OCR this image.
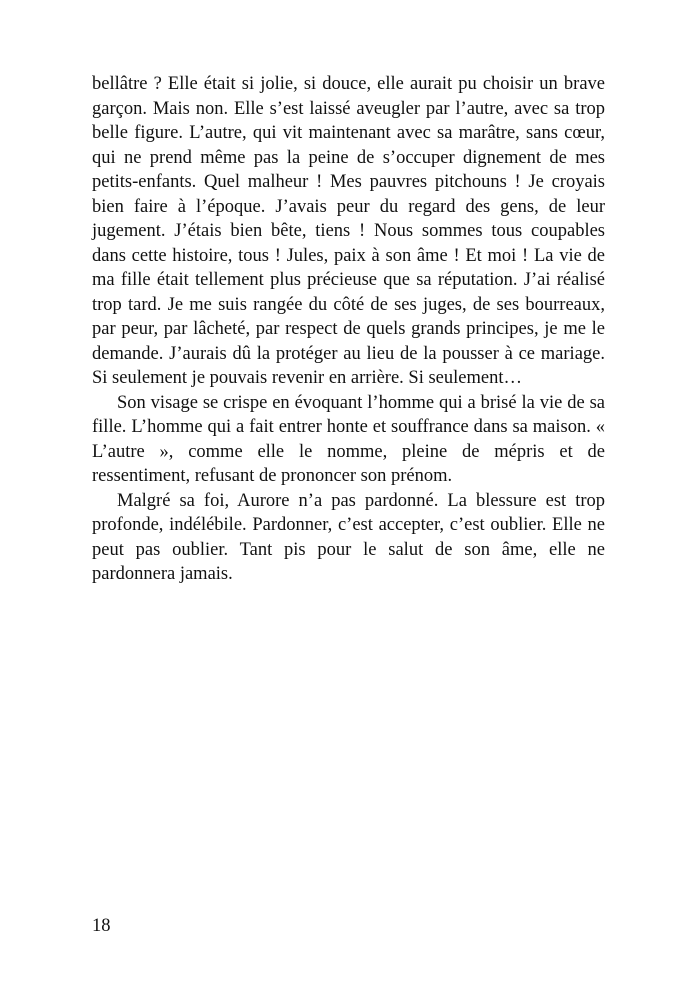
bellâtre ? Elle était si jolie, si douce, elle aurait pu choisir un brave garçon. Mais non. Elle s’est laissé aveugler par l’autre, avec sa trop belle figure. L’autre, qui vit maintenant avec sa marâtre, sans cœur, qui ne prend même pas la peine de s’occuper dignement de mes petits-enfants. Quel malheur ! Mes pauvres pitchouns ! Je croyais bien faire à l’époque. J’avais peur du regard des gens, de leur jugement. J’étais bien bête, tiens ! Nous sommes tous coupables dans cette histoire, tous ! Jules, paix à son âme ! Et moi ! La vie de ma fille était tellement plus précieuse que sa réputation. J’ai réalisé trop tard. Je me suis rangée du côté de ses juges, de ses bourreaux, par peur, par lâcheté, par respect de quels grands principes, je me le demande. J’aurais dû la protéger au lieu de la pousser à ce mariage. Si seulement je pouvais revenir en arrière. Si seulement…

Son visage se crispe en évoquant l’homme qui a brisé la vie de sa fille. L’homme qui a fait entrer honte et souffrance dans sa maison. « L’autre », comme elle le nomme, pleine de mépris et de ressentiment, refusant de prononcer son prénom.

Malgré sa foi, Aurore n’a pas pardonné. La blessure est trop profonde, indélébile. Pardonner, c’est accepter, c’est oublier. Elle ne peut pas oublier. Tant pis pour le salut de son âme, elle ne pardonnera jamais.

18
